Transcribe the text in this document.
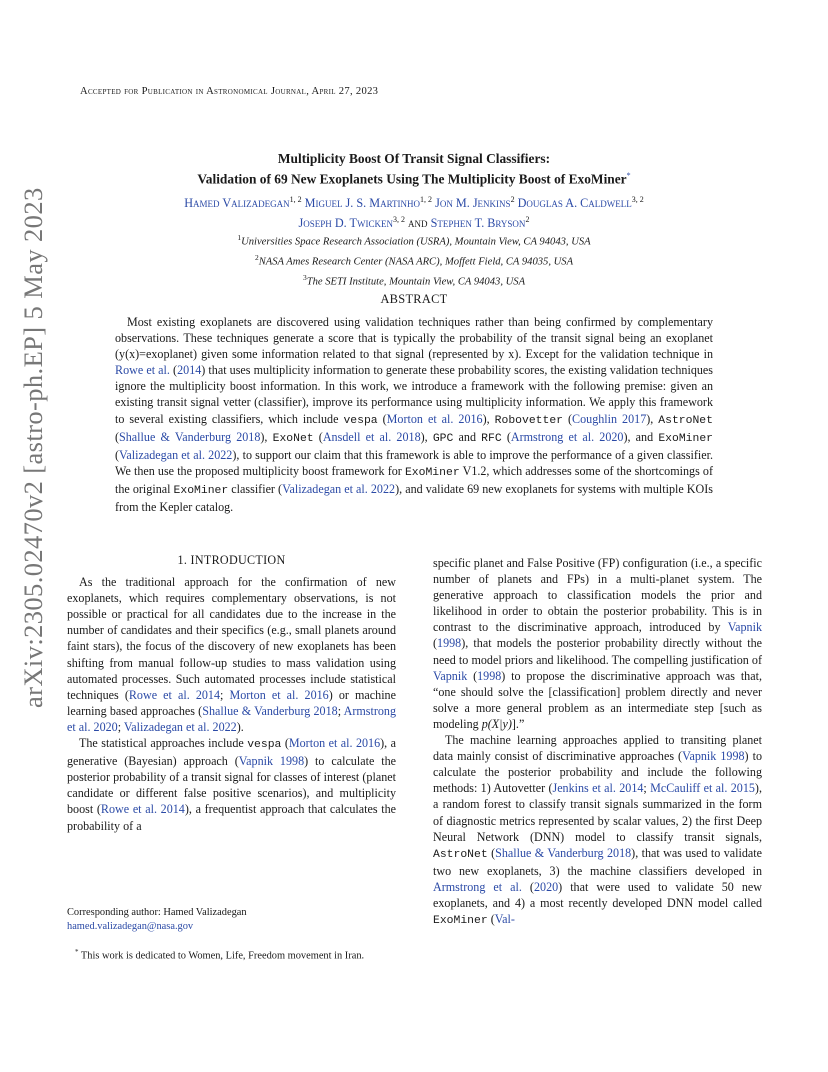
Accepted for Publication in Astronomical Journal, April 27, 2023
arXiv:2305.02470v2 [astro-ph.EP] 5 May 2023
Multiplicity Boost Of Transit Signal Classifiers:
Validation of 69 New Exoplanets Using The Multiplicity Boost of ExoMiner*
Hamed Valizadegan$^{1, 2}$ Miguel J. S. Martinho$^{1, 2}$ Jon M. Jenkins$^2$ Douglas A. Caldwell$^{3, 2}$
Joseph D. Twicken$^{3, 2}$ and Stephen T. Bryson$^2$
$^1$Universities Space Research Association (USRA), Mountain View, CA 94043, USA
$^2$NASA Ames Research Center (NASA ARC), Moffett Field, CA 94035, USA
$^3$The SETI Institute, Mountain View, CA 94043, USA
ABSTRACT

Most existing exoplanets are discovered using validation techniques rather than being confirmed by complementary observations. These techniques generate a score that is typically the probability of the transit signal being an exoplanet (y(x)=exoplanet) given some information related to that signal (represented by x). Except for the validation technique in Rowe et al. (2014) that uses multiplicity information to generate these probability scores, the existing validation techniques ignore the multiplicity boost information. In this work, we introduce a framework with the following premise: given an existing transit signal vetter (classifier), improve its performance using multiplicity information. We apply this framework to several existing classifiers, which include vespa (Morton et al. 2016), Robovetter (Coughlin 2017), AstroNet (Shallue & Vanderburg 2018), ExoNet (Ansdell et al. 2018), GPC and RFC (Armstrong et al. 2020), and ExoMiner (Valizadegan et al. 2022), to support our claim that this framework is able to improve the performance of a given classifier. We then use the proposed multiplicity boost framework for ExoMiner V1.2, which addresses some of the shortcomings of the original ExoMiner classifier (Valizadegan et al. 2022), and validate 69 new exoplanets for systems with multiple KOIs from the Kepler catalog.

1. INTRODUCTION

As the traditional approach for the confirmation of new exoplanets, which requires complementary observations, is not possible or practical for all candidates due to the increase in the number of candidates and their specifics (e.g., small planets around faint stars), the focus of the discovery of new exoplanets has been shifting from manual follow-up studies to mass validation using automated processes. Such automated processes include statistical techniques (Rowe et al. 2014; Morton et al. 2016) or machine learning based approaches (Shallue & Vanderburg 2018; Armstrong et al. 2020; Valizadegan et al. 2022).

The statistical approaches include vespa (Morton et al. 2016), a generative (Bayesian) approach (Vapnik 1998) to calculate the posterior probability of a transit signal for classes of interest (planet candidate or different false positive scenarios), and multiplicity boost (Rowe et al. 2014), a frequentist approach that calculates the probability of a

specific planet and False Positive (FP) configuration (i.e., a specific number of planets and FPs) in a multi-planet system. The generative approach to classification models the prior and likelihood in order to obtain the posterior probability. This is in contrast to the discriminative approach, introduced by Vapnik (1998), that models the posterior probability directly without the need to model priors and likelihood. The compelling justification of Vapnik (1998) to propose the discriminative approach was that, “one should solve the [classification] problem directly and never solve a more general problem as an intermediate step [such as modeling p(X|y)].”

The machine learning approaches applied to transiting planet data mainly consist of discriminative approaches (Vapnik 1998) to calculate the posterior probability and include the following methods: 1) Autovetter (Jenkins et al. 2014; McCauliff et al. 2015), a random forest to classify transit signals summarized in the form of diagnostic metrics represented by scalar values, 2) the first Deep Neural Network (DNN) model to classify transit signals, AstroNet (Shallue & Vanderburg 2018), that was used to validate two new exoplanets, 3) the machine classifiers developed in Armstrong et al. (2020) that were used to validate 50 new exoplanets, and 4) a most recently developed DNN model called ExoMiner (Val-

Corresponding author: Hamed Valizadegan
hamed.valizadegan@nasa.gov
* This work is dedicated to Women, Life, Freedom movement in Iran.
